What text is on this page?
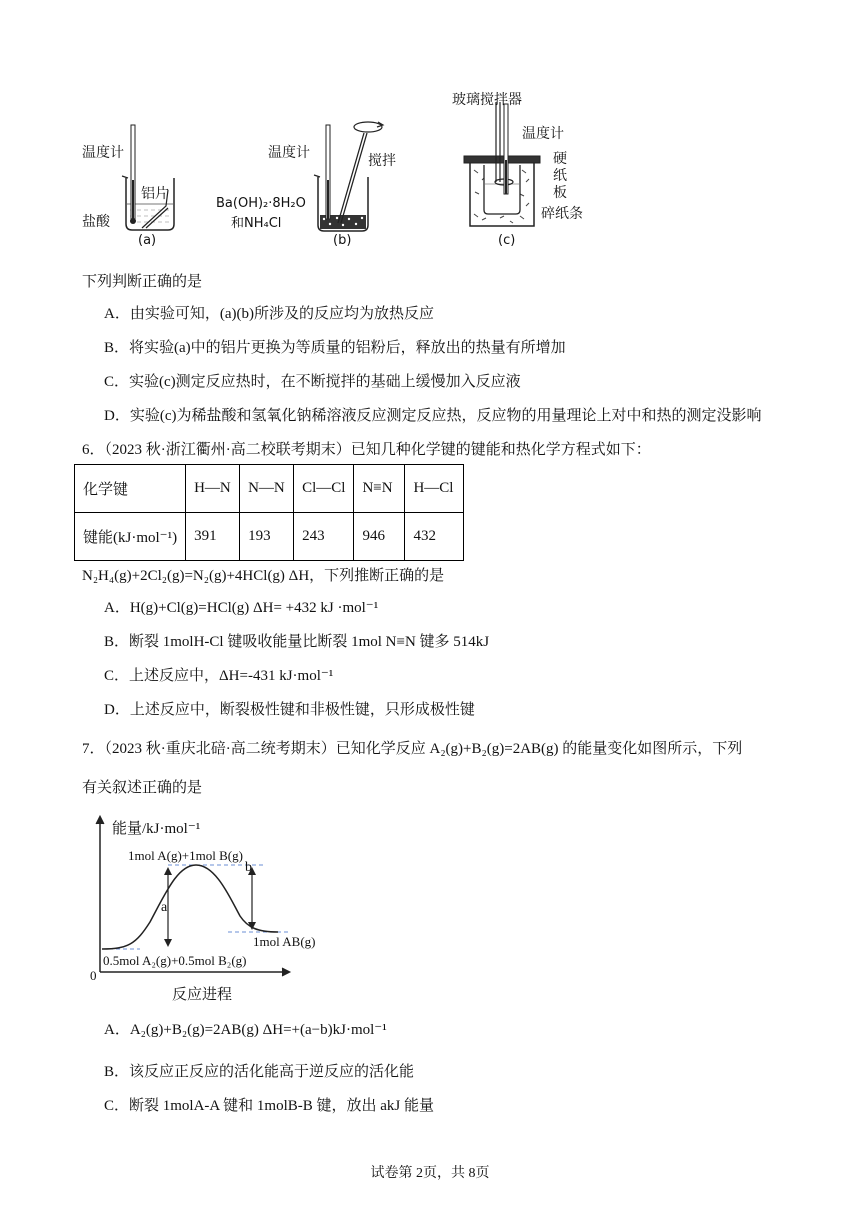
温度计
铝片
盐酸
(a)
温度计	搅拌
Ba(OH)₂·8H₂O
和NH₄Cl
(b)
玻璃搅拌器
温度计
硬
纸
板
碎纸条
(c)
下列判断正确的是
A．由实验可知，(a)(b)所涉及的反应均为放热反应
B．将实验(a)中的铝片更换为等质量的铝粉后，释放出的热量有所增加
C．实验(c)测定反应热时，在不断搅拌的基础上缓慢加入反应液
D．实验(c)为稀盐酸和氢氧化钠稀溶液反应测定反应热，反应物的用量理论上对中和热的测定没影响
6．（2023 秋·浙江衢州·高二校联考期末）已知几种化学键的键能和热化学方程式如下：
化学键	H—N	N—N	Cl—Cl	N≡N	H—Cl
键能(kJ·mol⁻¹)	391	193	243	946	432
N₂H₄(g)+2Cl₂(g)=N₂(g)+4HCl(g) ΔH，下列推断正确的是
A．H(g)+Cl(g)=HCl(g) ΔH= +432 kJ ·mol⁻¹
B．断裂 1molH-Cl 键吸收能量比断裂 1mol N≡N 键多 514kJ
C．上述反应中，ΔH=-431 kJ·mol⁻¹
D．上述反应中，断裂极性键和非极性键，只形成极性键
7．（2023 秋·重庆北碚·高二统考期末）已知化学反应 A₂(g)+B₂(g)=2AB(g) 的能量变化如图所示，下列
有关叙述正确的是
能量/kJ·mol⁻¹
1mol A(g)+1mol B(g)
a
b
1mol AB(g)
0.5mol A₂(g)+0.5mol B₂(g)
0
反应进程
A．A₂(g)+B₂(g)=2AB(g) ΔH=+(a−b)kJ·mol⁻¹
B．该反应正反应的活化能高于逆反应的活化能
C．断裂 1molA-A 键和 1molB-B 键，放出 akJ 能量
试卷第 2页，共 8页
